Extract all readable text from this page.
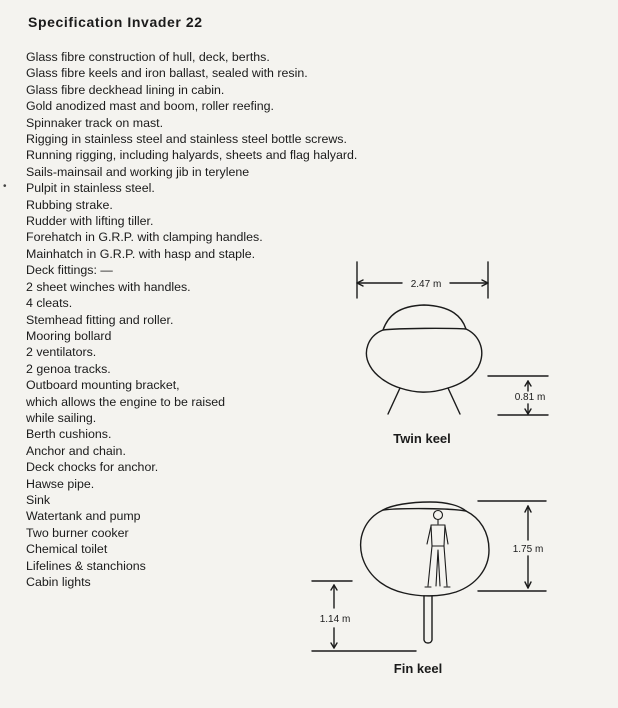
Specification Invader 22
•
Glass fibre construction of hull, deck, berths.
Glass fibre keels and iron ballast, sealed with resin.
Glass fibre deckhead lining in cabin.
Gold anodized mast and boom, roller reefing.
Spinnaker track on mast.
Rigging in stainless steel and stainless steel bottle screws.
Running rigging, including halyards, sheets and flag halyard.
Sails-mainsail and working jib in terylene
Pulpit in stainless steel.
Rubbing strake.
Rudder with lifting tiller.
Forehatch in G.R.P. with clamping handles.
Mainhatch in G.R.P. with hasp and staple.
Deck fittings: —
2 sheet winches with handles.
4 cleats.
Stemhead fitting and roller.
Mooring bollard
2 ventilators.
2 genoa tracks.
Outboard mounting bracket,
which allows the engine to be raised
while sailing.
Berth cushions.
Anchor and chain.
Deck chocks for anchor.
Hawse pipe.
Sink
Watertank and pump
Two burner cooker
Chemical toilet
Lifelines & stanchions
Cabin lights
2.47 m
0.81 m
Twin keel
1.75 m
1.14 m
Fin keel
